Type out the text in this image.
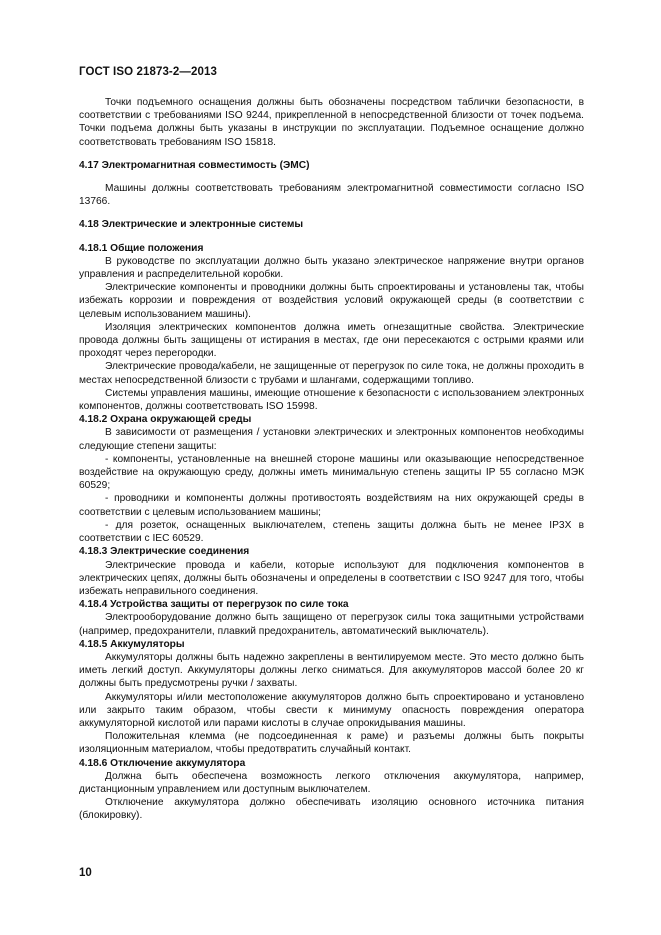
ГОСТ ISO 21873-2—2013

Точки подъемного оснащения должны быть обозначены посредством таблички безопасности, в соответствии с требованиями ISO 9244, прикрепленной в непосредственной близости от точек подъема. Точки подъема должны быть указаны в инструкции по эксплуатации. Подъемное оснащение должно соответствовать требованиям ISO 15818.

4.17 Электромагнитная совместимость (ЭМС)

Машины должны соответствовать требованиям электромагнитной совместимости согласно ISO 13766.

4.18 Электрические и электронные системы

4.18.1 Общие положения

В руководстве по эксплуатации должно быть указано электрическое напряжение внутри органов управления и распределительной коробки.

Электрические компоненты и проводники должны быть спроектированы и установлены так, чтобы избежать коррозии и повреждения от воздействия условий окружающей среды (в соответствии с целевым использованием машины).

Изоляция электрических компонентов должна иметь огнезащитные свойства. Электрические провода должны быть защищены от истирания в местах, где они пересекаются с острыми краями или проходят через перегородки.

Электрические провода/кабели, не защищенные от перегрузок по силе тока, не должны проходить в местах непосредственной близости с трубами и шлангами, содержащими топливо.

Системы управления машины, имеющие отношение к безопасности с использованием электронных компонентов, должны соответствовать ISO 15998.

4.18.2 Охрана окружающей среды

В зависимости от размещения / установки электрических и электронных компонентов необходимы следующие степени защиты:

- компоненты, установленные на внешней стороне машины или оказывающие непосредственное воздействие на окружающую среду, должны иметь минимальную степень защиты IP 55 согласно МЭК 60529;

- проводники и компоненты должны противостоять воздействиям на них окружающей среды в соответствии с целевым использованием машины;

- для розеток, оснащенных выключателем, степень защиты должна быть не менее IP3X в соответствии с IEC 60529.

4.18.3 Электрические соединения

Электрические провода и кабели, которые используют для подключения компонентов в электрических цепях, должны быть обозначены и определены в соответствии с ISO 9247 для того, чтобы избежать неправильного соединения.

4.18.4 Устройства защиты от перегрузок по силе тока

Электрооборудование должно быть защищено от перегрузок силы тока защитными устройствами (например, предохранители, плавкий предохранитель, автоматический выключатель).

4.18.5 Аккумуляторы

Аккумуляторы должны быть надежно закреплены в вентилируемом месте. Это место должно быть иметь легкий доступ. Аккумуляторы должны легко сниматься. Для аккумуляторов массой более 20 кг должны быть предусмотрены ручки / захваты.

Аккумуляторы и/или местоположение аккумуляторов должно быть спроектировано и установлено или закрыто таким образом, чтобы свести к минимуму опасность повреждения оператора аккумуляторной кислотой или парами кислоты в случае опрокидывания машины.

Положительная клемма (не подсоединенная к раме) и разъемы должны быть покрыты изоляционным материалом, чтобы предотвратить случайный контакт.

4.18.6 Отключение аккумулятора

Должна быть обеспечена возможность легкого отключения аккумулятора, например, дистанционным управлением или доступным выключателем.

Отключение аккумулятора должно обеспечивать изоляцию основного источника питания (блокировку).

10
